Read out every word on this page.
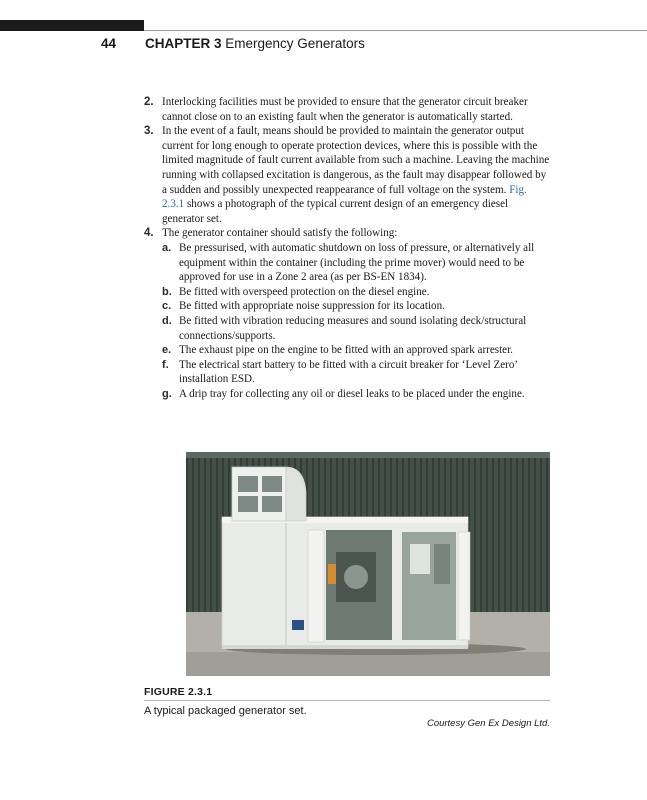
44 CHAPTER 3 Emergency Generators
2. Interlocking facilities must be provided to ensure that the generator circuit breaker cannot close on to an existing fault when the generator is automatically started.
3. In the event of a fault, means should be provided to maintain the generator output current for long enough to operate protection devices, where this is possible with the limited magnitude of fault current available from such a machine. Leaving the machine running with collapsed excitation is dangerous, as the fault may disappear followed by a sudden and possibly unexpected reappearance of full voltage on the system. Fig. 2.3.1 shows a photograph of the typical current design of an emergency diesel generator set.
4. The generator container should satisfy the following:
a. Be pressurised, with automatic shutdown on loss of pressure, or alternatively all equipment within the container (including the prime mover) would need to be approved for use in a Zone 2 area (as per BS-EN 1834).
b. Be fitted with overspeed protection on the diesel engine.
c. Be fitted with appropriate noise suppression for its location.
d. Be fitted with vibration reducing measures and sound isolating deck/structural connections/supports.
e. The exhaust pipe on the engine to be fitted with an approved spark arrester.
f. The electrical start battery to be fitted with a circuit breaker for ‘Level Zero’ installation ESD.
g. A drip tray for collecting any oil or diesel leaks to be placed under the engine.
FIGURE 2.3.1
A typical packaged generator set.
Courtesy Gen Ex Design Ltd.
